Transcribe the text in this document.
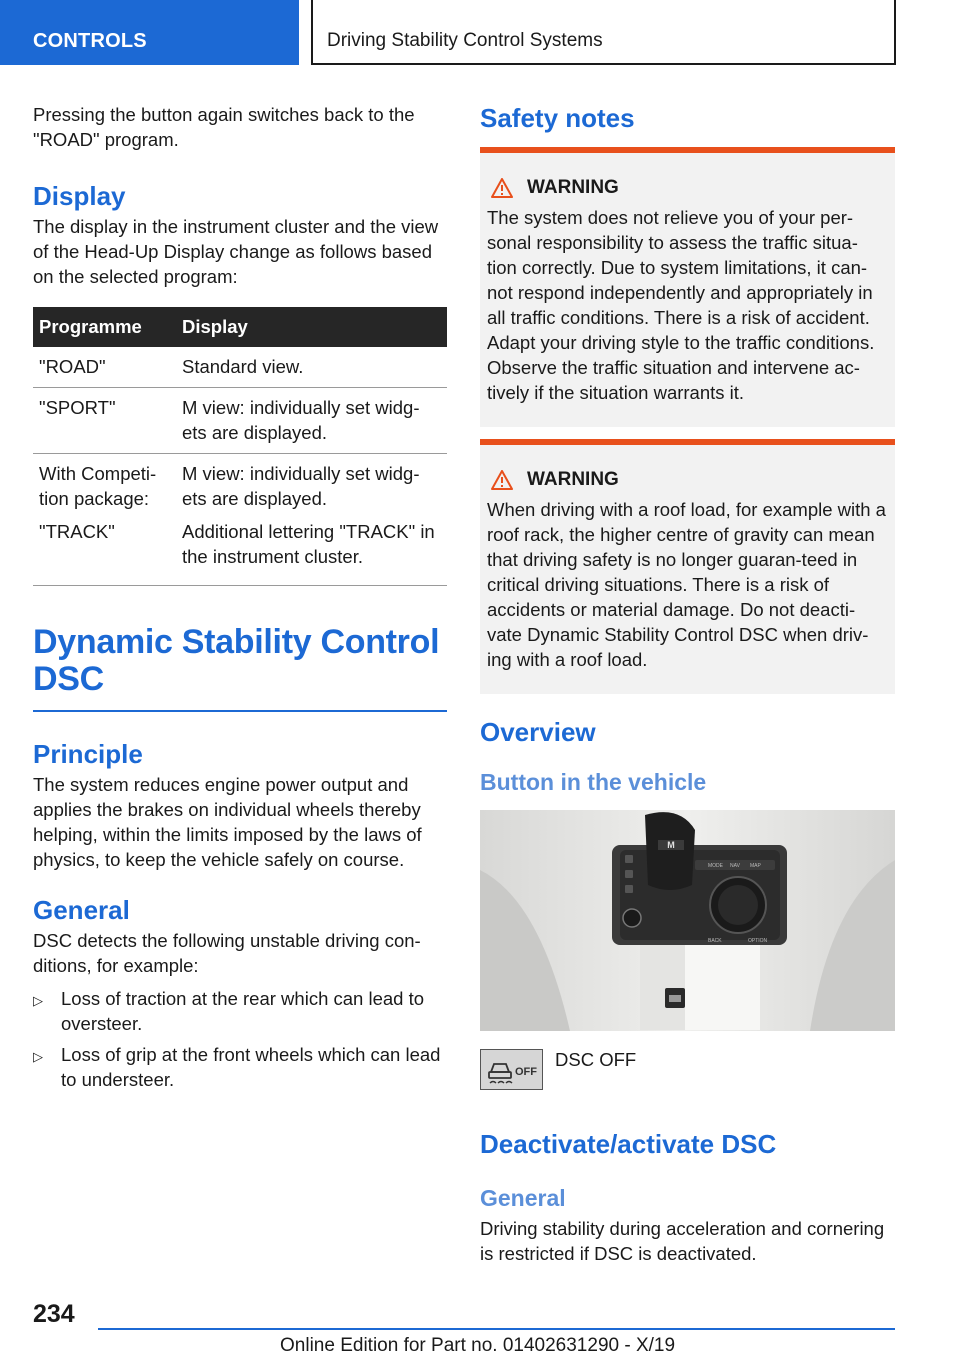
CONTROLS	Driving Stability Control Systems

Pressing the button again switches back to the "ROAD" program.

Display

The display in the instrument cluster and the view of the Head-Up Display change as follows based on the selected program:

Programme	Display
"ROAD"	Standard view.
"SPORT"	M view: individually set widg-ets are displayed.
With Competi-tion package:	M view: individually set widg-ets are displayed.
"TRACK"	Additional lettering "TRACK" in the instrument cluster.
Dynamic Stability Control DSC
Principle

The system reduces engine power output and applies the brakes on individual wheels thereby helping, within the limits imposed by the laws of physics, to keep the vehicle safely on course.

General

DSC detects the following unstable driving con-ditions, for example:

▷ Loss of traction at the rear which can lead to oversteer.
▷ Loss of grip at the front wheels which can lead to understeer.
Safety notes
WARNING

The system does not relieve you of your per-sonal responsibility to assess the traffic situa-tion correctly. Due to system limitations, it can-not respond independently and appropriately in all traffic conditions. There is a risk of accident. Adapt your driving style to the traffic conditions. Observe the traffic situation and intervene ac-tively if the situation warrants it.

WARNING

When driving with a roof load, for example with a roof rack, the higher centre of gravity can mean that driving safety is no longer guaran-teed in critical driving situations. There is a risk of accidents or material damage. Do not deacti-vate Dynamic Stability Control DSC when driv-ing with a roof load.

Overview
Button in the vehicle
M
MODE NAV MAP
BACK	OPTION
OFF
DSC OFF
Deactivate/activate DSC
General

Driving stability during acceleration and cornering is restricted if DSC is deactivated.

234
Online Edition for Part no. 01402631290 - X/19
